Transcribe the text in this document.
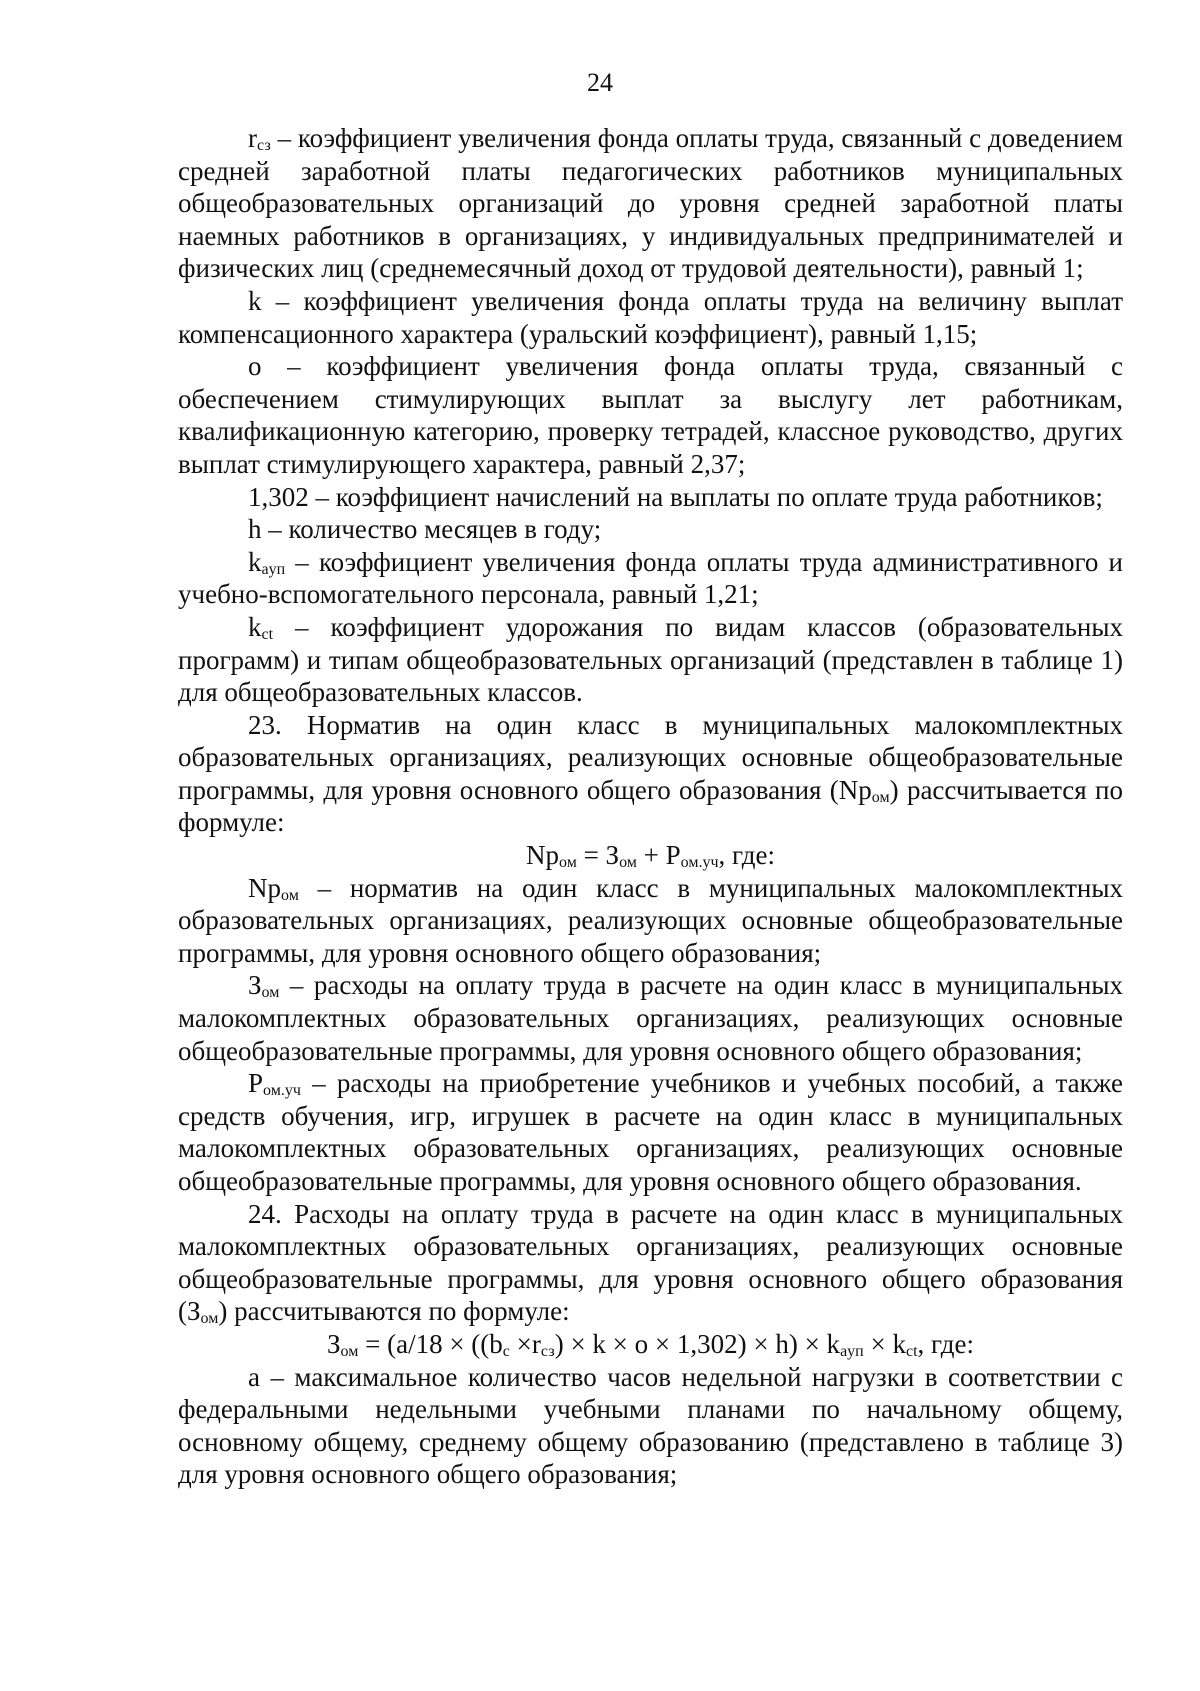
24

$r_{сз}$ – коэффициент увеличения фонда оплаты труда, связанный с доведением средней заработной платы педагогических работников муниципальных общеобразовательных организаций до уровня средней заработной платы наемных работников в организациях, у индивидуальных предпринимателей и физических лиц (среднемесячный доход от трудовой деятельности), равный 1;

k – коэффициент увеличения фонда оплаты труда на величину выплат компенсационного характера (уральский коэффициент), равный 1,15;

o – коэффициент увеличения фонда оплаты труда, связанный с обеспечением стимулирующих выплат за выслугу лет работникам, квалификационную категорию, проверку тетрадей, классное руководство, других выплат стимулирующего характера, равный 2,37;

1,302 – коэффициент начислений на выплаты по оплате труда работников;

h – количество месяцев в году;

$k_{аyп}$ – коэффициент увеличения фонда оплаты труда административного и учебно-вспомогательного персонала, равный 1,21;

$k_{ct}$ – коэффициент удорожания по видам классов (образовательных программ) и типам общеобразовательных организаций (представлен в таблице 1) для общеобразовательных классов.

23. Норматив на один класс в муниципальных малокомплектных образовательных организациях, реализующих основные общеобразовательные программы, для уровня основного общего образования $(Np_{ом})$ рассчитывается по формуле:

$Np_{ом} = З_{ом} + P_{ом.уч}$, где:

$Np_{ом}$ – норматив на один класс в муниципальных малокомплектных образовательных организациях, реализующих основные общеобразовательные программы, для уровня основного общего образования;

$З_{ом}$ – расходы на оплату труда в расчете на один класс в муниципальных малокомплектных образовательных организациях, реализующих основные общеобразовательные программы, для уровня основного общего образования;

$P_{ом.уч}$ – расходы на приобретение учебников и учебных пособий, а также средств обучения, игр, игрушек в расчете на один класс в муниципальных малокомплектных образовательных организациях, реализующих основные общеобразовательные программы, для уровня основного общего образования.

24. Расходы на оплату труда в расчете на один класс в муниципальных малокомплектных образовательных организациях, реализующих основные общеобразовательные программы, для уровня основного общего образования $(З_{ом})$ рассчитываются по формуле:

$З_{ом} = (a/18 \times ((b_c \times r_{сз}) \times k \times o \times 1,302) \times h) \times k_{аyп} \times k_{ct}$, где:

a – максимальное количество часов недельной нагрузки в соответствии с федеральными недельными учебными планами по начальному общему, основному общему, среднему общему образованию (представлено в таблице 3) для уровня основного общего образования;
